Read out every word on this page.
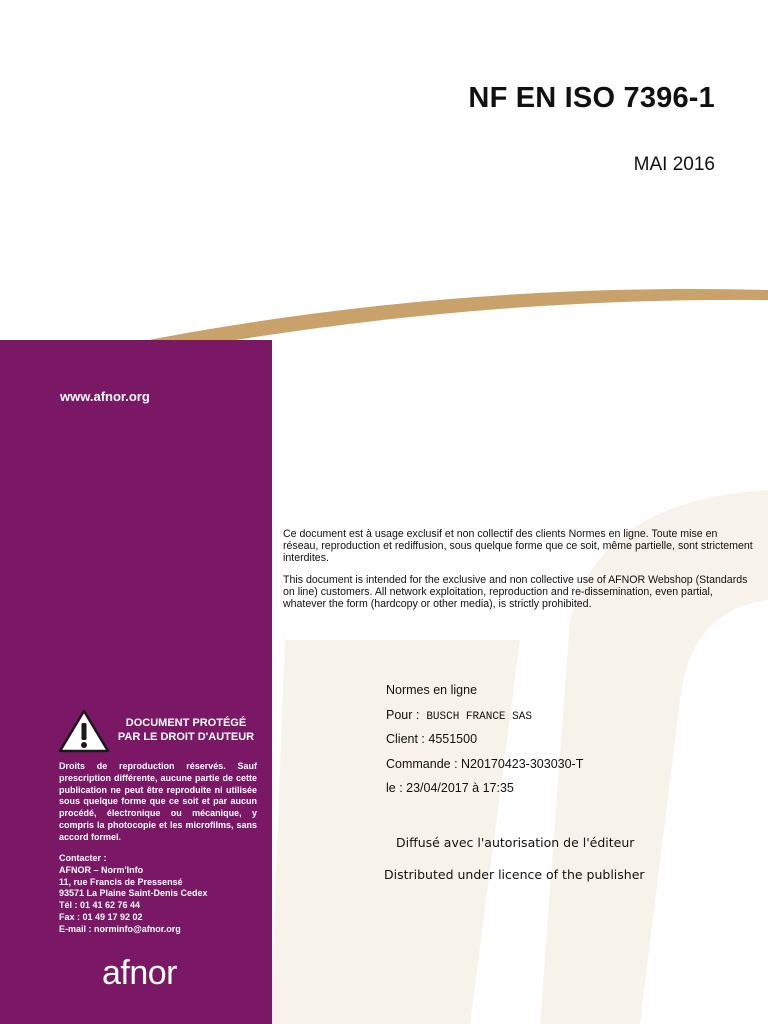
NF EN ISO 7396-1
MAI 2016
www.afnor.org
DOCUMENT PROTÉGÉ
PAR LE DROIT D'AUTEUR
Droits de reproduction réservés. Sauf prescription différente, aucune partie de cette publication ne peut être reproduite ni utilisée sous quelque forme que ce soit et par aucun procédé, électronique ou mécanique, y compris la photocopie et les microfilms, sans accord formel.
Contacter :
AFNOR – Norm'Info
11, rue Francis de Pressensé
93571 La Plaine Saint-Denis Cedex
Tél : 01 41 62 76 44
Fax : 01 49 17 92 02
E-mail : norminfo@afnor.org
afnor

Ce document est à usage exclusif et non collectif des clients Normes en ligne. Toute mise en réseau, reproduction et rediffusion, sous quelque forme que ce soit, même partielle, sont strictement interdites.

This document is intended for the exclusive and non collective use of AFNOR Webshop (Standards on line) customers. All network exploitation, reproduction and re-dissemination, even partial, whatever the form (hardcopy or other media), is strictly prohibited.

Normes en ligne
Pour : BUSCH FRANCE SAS
Client : 4551500
Commande : N20170423-303030-T
le : 23/04/2017 à 17:35
Diffusé avec l'autorisation de l'éditeur
Distributed under licence of the publisher
